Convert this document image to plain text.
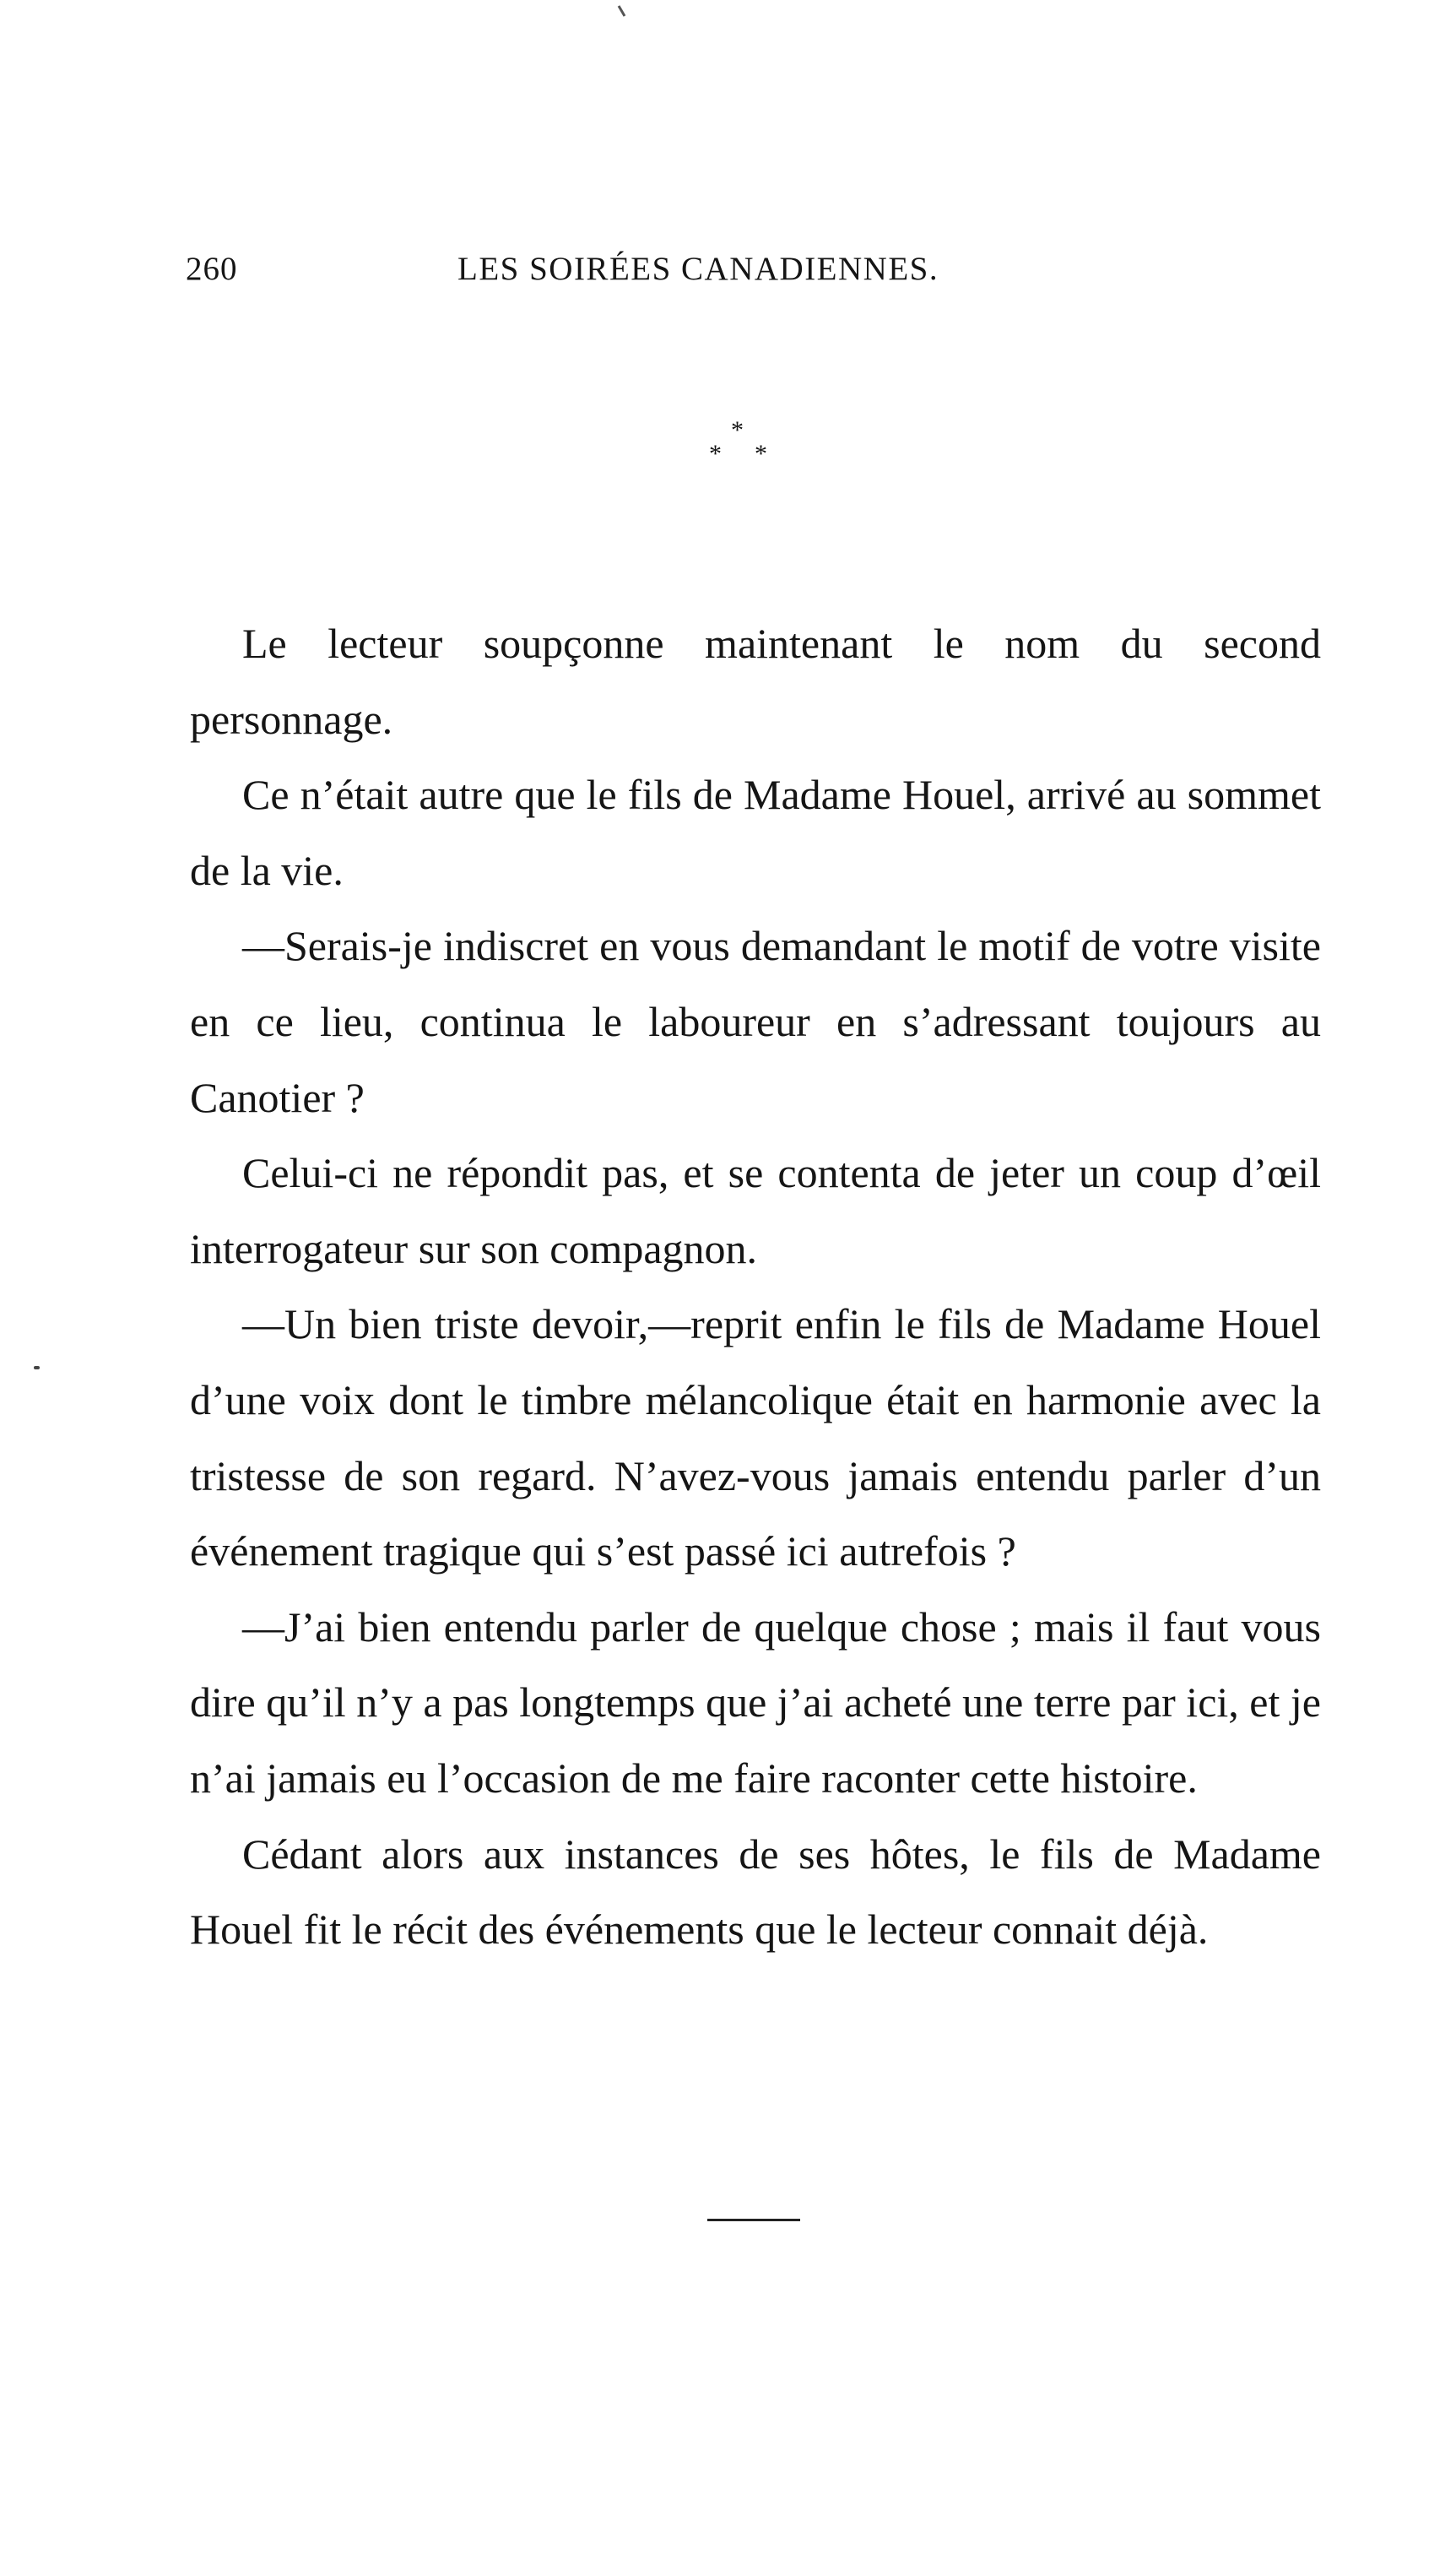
260	LES SOIRÉES CANADIENNES.
*
* *

Le lecteur soupçonne maintenant le nom du second personnage.

Ce n’était autre que le fils de Madame Houel, arrivé au sommet de la vie.

—Serais-je indiscret en vous demandant le motif de votre visite en ce lieu, continua le laboureur en s’adressant toujours au Canotier ?

Celui-ci ne répondit pas, et se contenta de jeter un coup d’œil interrogateur sur son compagnon.

—Un bien triste devoir,—reprit enfin le fils de Madame Houel d’une voix dont le timbre mélancolique était en harmonie avec la tristesse de son regard. N’avez-vous jamais entendu parler d’un événement tragique qui s’est passé ici autrefois ?

—J’ai bien entendu parler de quelque chose ; mais il faut vous dire qu’il n’y a pas longtemps que j’ai acheté une terre par ici, et je n’ai jamais eu l’occasion de me faire raconter cette histoire.

Cédant alors aux instances de ses hôtes, le fils de Madame Houel fit le récit des événements que le lecteur connait déjà.
